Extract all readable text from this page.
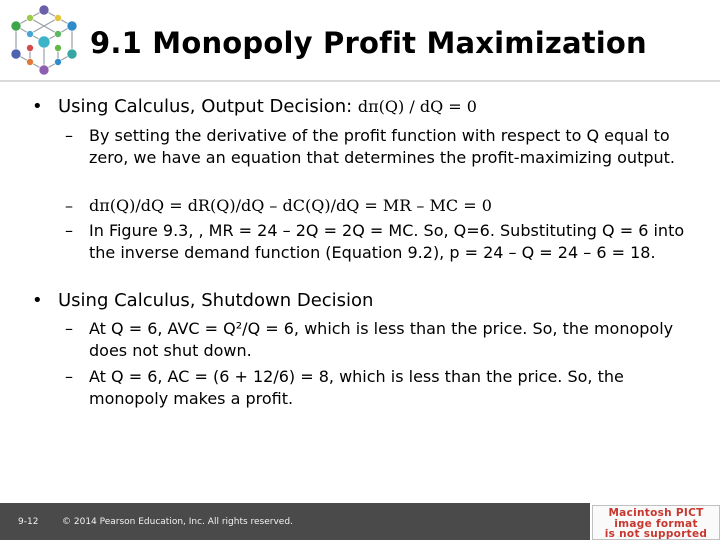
9.1 Monopoly Profit Maximization
• Using Calculus, Output Decision: dπ(Q) / dQ = 0
– By setting the derivative of the profit function with respect to Q equal to zero, we have an equation that determines the profit-maximizing output.
– dπ(Q)/dQ = dR(Q)/dQ – dC(Q)/dQ = MR – MC = 0
– In Figure 9.3, , MR = 24 – 2Q = 2Q = MC. So, Q=6. Substituting Q = 6 into the inverse demand function (Equation 9.2), p = 24 – Q = 24 – 6 = 18.
• Using Calculus, Shutdown Decision
– At Q = 6, AVC = Q²/Q = 6, which is less than the price. So, the monopoly does not shut down.
– At Q = 6, AC = (6 + 12/6) = 8, which is less than the price. So, the monopoly makes a profit.
9-12	© 2014 Pearson Education, Inc. All rights reserved.
Macintosh PICT
image format
is not supported
